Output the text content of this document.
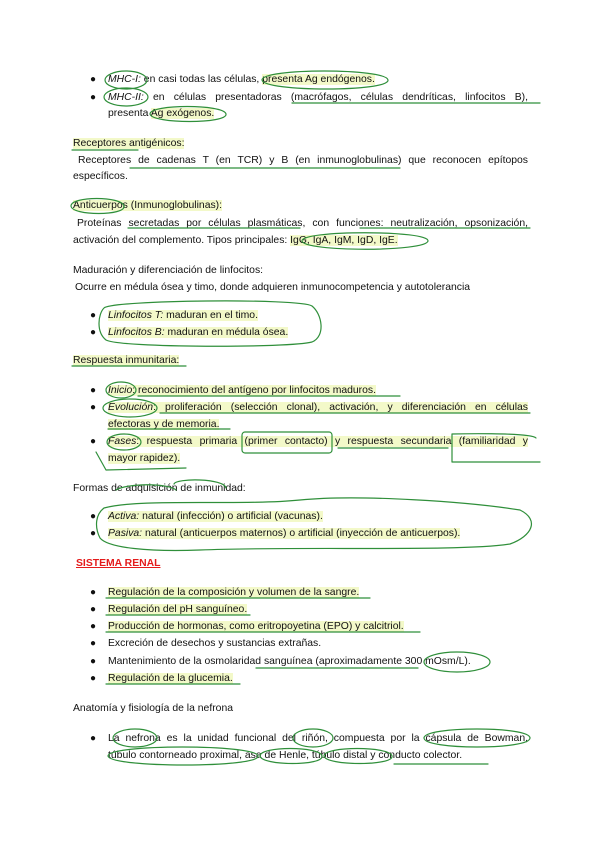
● MHC-I: en casi todas las células, presenta Ag endógenos.
● MHC-II: en células presentadoras (macrófagos, células dendríticas, linfocitos B),
presenta Ag exógenos.
Receptores antigénicos:
Receptores de cadenas T (en TCR) y B (en inmunoglobulinas) que reconocen epítopos
específicos.
Anticuerpos (Inmunoglobulinas):
Proteínas secretadas por células plasmáticas, con funciones: neutralización, opsonización,
activación del complemento. Tipos principales: IgG, IgA, IgM, IgD, IgE.
Maduración y diferenciación de linfocitos:
Ocurre en médula ósea y timo, donde adquieren inmunocompetencia y autotolerancia
● Linfocitos T: maduran en el timo.
● Linfocitos B: maduran en médula ósea.
Respuesta inmunitaria:
● Inicio: reconocimiento del antígeno por linfocitos maduros.
● Evolución: proliferación (selección clonal), activación, y diferenciación en células
efectoras y de memoria.
● Fases: respuesta primaria (primer contacto) y respuesta secundaria (familiaridad y
mayor rapidez).
Formas de adquisición de inmunidad:
● Activa: natural (infección) o artificial (vacunas).
● Pasiva: natural (anticuerpos maternos) o artificial (inyección de anticuerpos).
SISTEMA RENAL
● Regulación de la composición y volumen de la sangre.
● Regulación del pH sanguíneo.
● Producción de hormonas, como eritropoyetina (EPO) y calcitriol.
● Excreción de desechos y sustancias extrañas.
● Mantenimiento de la osmolaridad sanguínea (aproximadamente 300 mOsm/L).
● Regulación de la glucemia.
Anatomía y fisiología de la nefrona
● La nefrona es la unidad funcional del riñón, compuesta por la cápsula de Bowman,
túbulo contorneado proximal, asa de Henle, túbulo distal y conducto colector.
